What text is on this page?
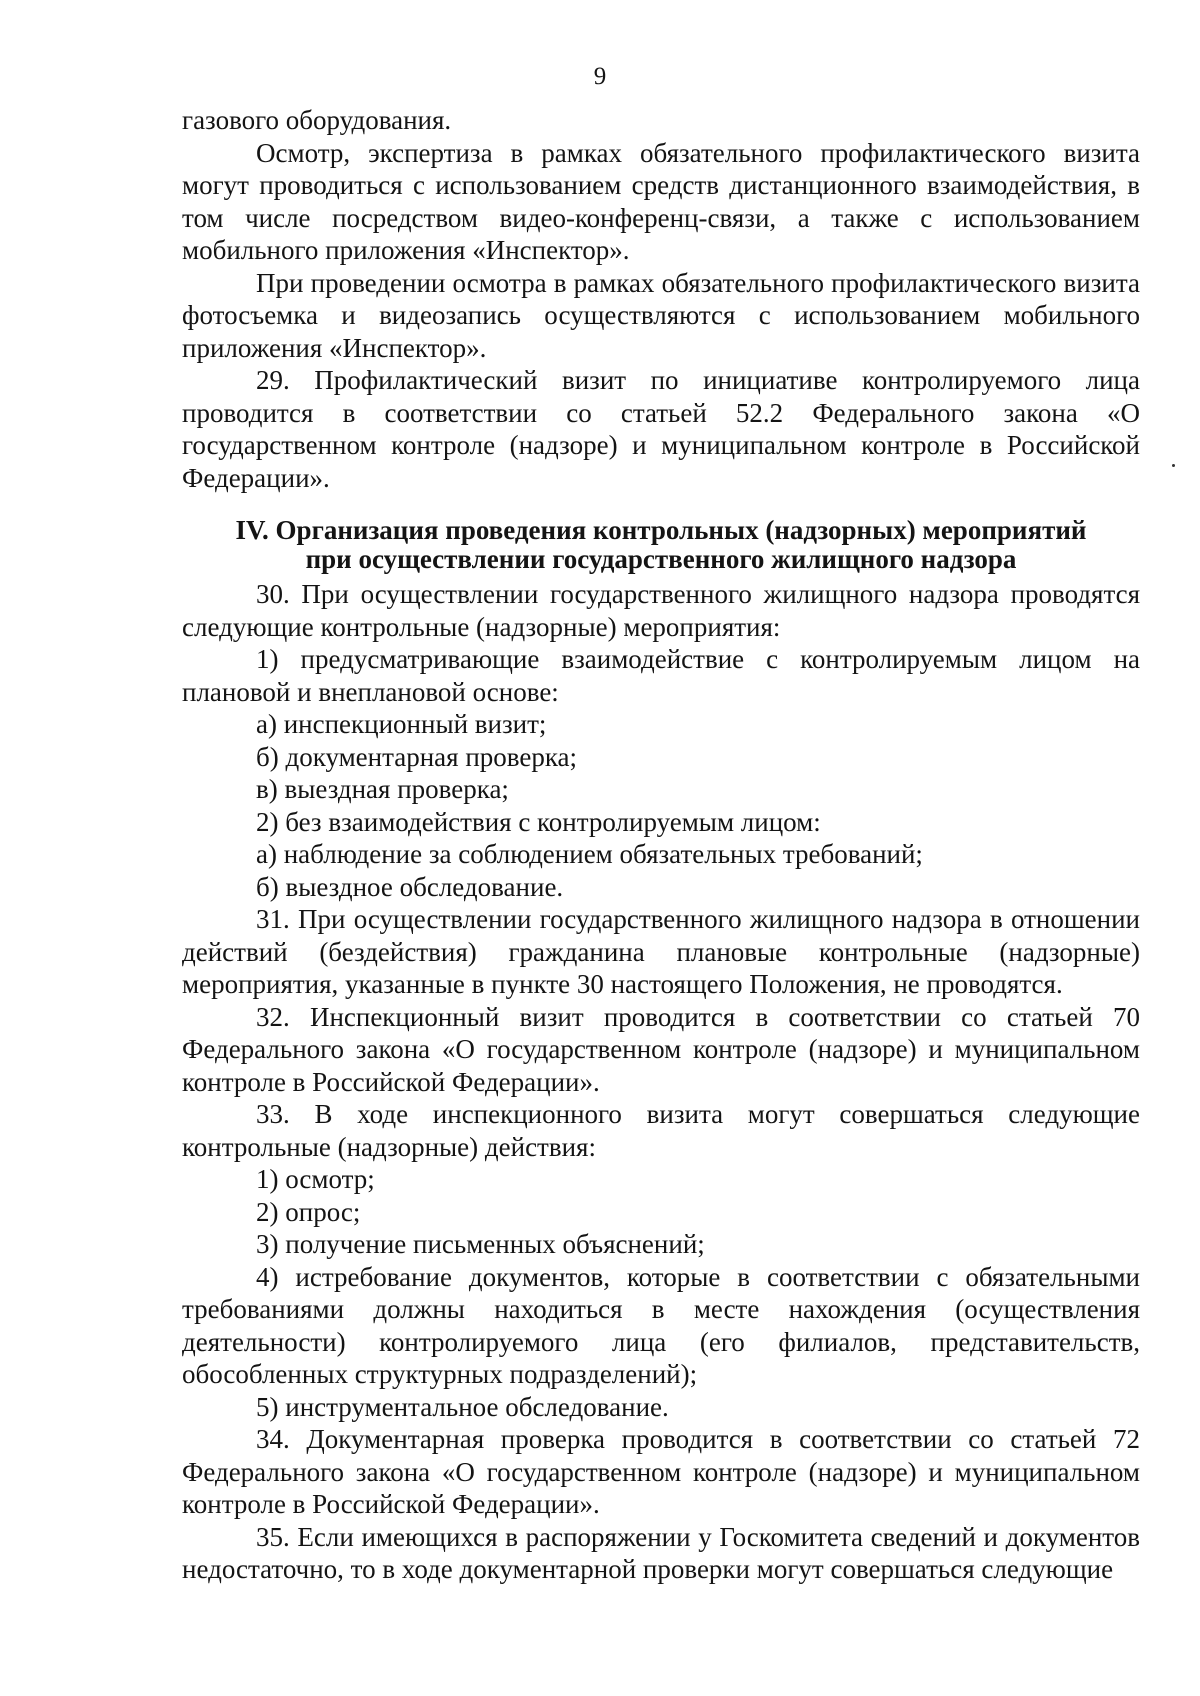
9

газового оборудования.

Осмотр, экспертиза в рамках обязательного профилактического визита могут проводиться с использованием средств дистанционного взаимодействия, в том числе посредством видео-конференц-связи, а также с использованием мобильного приложения «Инспектор».

При проведении осмотра в рамках обязательного профилактического визита фотосъемка и видеозапись осуществляются с использованием мобильного приложения «Инспектор».

29. Профилактический визит по инициативе контролируемого лица проводится в соответствии со статьей 52.2 Федерального закона «О государственном контроле (надзоре) и муниципальном контроле в Российской Федерации».

IV. Организация проведения контрольных (надзорных) мероприятий
при осуществлении государственного жилищного надзора

30. При осуществлении государственного жилищного надзора проводятся следующие контрольные (надзорные) мероприятия:

1) предусматривающие взаимодействие с контролируемым лицом на плановой и внеплановой основе:

а) инспекционный визит;

б) документарная проверка;

в) выездная проверка;

2) без взаимодействия с контролируемым лицом:

а) наблюдение за соблюдением обязательных требований;

б) выездное обследование.

31. При осуществлении государственного жилищного надзора в отношении действий (бездействия) гражданина плановые контрольные (надзорные) мероприятия, указанные в пункте 30 настоящего Положения, не проводятся.

32. Инспекционный визит проводится в соответствии со статьей 70 Федерального закона «О государственном контроле (надзоре) и муниципальном контроле в Российской Федерации».

33. В ходе инспекционного визита могут совершаться следующие контрольные (надзорные) действия:

1) осмотр;

2) опрос;

3) получение письменных объяснений;

4) истребование документов, которые в соответствии с обязательными требованиями должны находиться в месте нахождения (осуществления деятельности) контролируемого лица (его филиалов, представительств, обособленных структурных подразделений);

5) инструментальное обследование.

34. Документарная проверка проводится в соответствии со статьей 72 Федерального закона «О государственном контроле (надзоре) и муниципальном контроле в Российской Федерации».

35. Если имеющихся в распоряжении у Госкомитета сведений и документов недостаточно, то в ходе документарной проверки могут совершаться следующие
